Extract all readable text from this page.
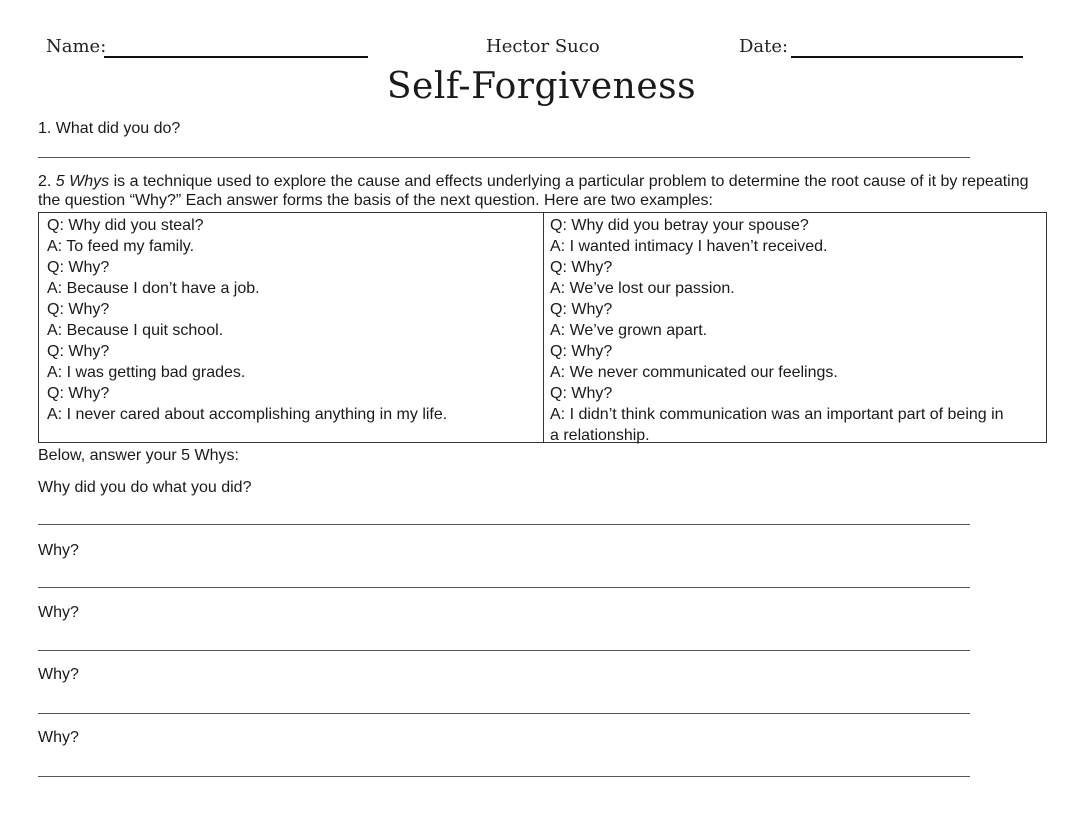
Name:	Hector Suco	Date:
Self-Forgiveness
1. What did you do?
2. 5 Whys is a technique used to explore the cause and effects underlying a particular problem to determine the root cause of it by repeating the question “Why?” Each answer forms the basis of the next question. Here are two examples:
Q: Why did you steal?
A: To feed my family.
Q: Why?
A: Because I don’t have a job.
Q: Why?
A: Because I quit school.
Q: Why?
A: I was getting bad grades.
Q: Why?
A: I never cared about accomplishing anything in my life.
Q: Why did you betray your spouse?
A: I wanted intimacy I haven’t received.
Q: Why?
A: We’ve lost our passion.
Q: Why?
A: We’ve grown apart.
Q: Why?
A: We never communicated our feelings.
Q: Why?
A: I didn’t think communication was an important part of being in a relationship.
Below, answer your 5 Whys:
Why did you do what you did?
Why?
Why?
Why?
Why?
